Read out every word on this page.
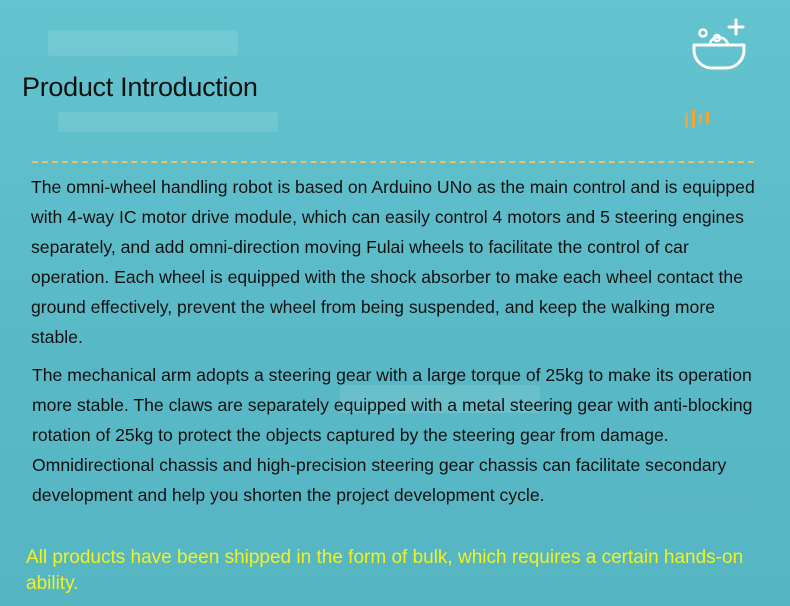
Product Introduction

The omni-wheel handling robot is based on Arduino UNo as the main control and is equipped with 4-way IC motor drive module, which can easily control 4 motors and 5 steering engines separately, and add omni-direction moving Fulai wheels to facilitate the control of car operation. Each wheel is equipped with the shock absorber to make each wheel contact the ground effectively, prevent the wheel from being suspended, and keep the walking more stable.

The mechanical arm adopts a steering gear with a large torque of 25kg to make its operation more stable. The claws are separately equipped with a metal steering gear with anti-blocking rotation of 25kg to protect the objects captured by the steering gear from damage. Omnidirectional chassis and high-precision steering gear chassis can facilitate secondary development and help you shorten the project development cycle.

All products have been shipped in the form of bulk, which requires a certain hands-on ability.
